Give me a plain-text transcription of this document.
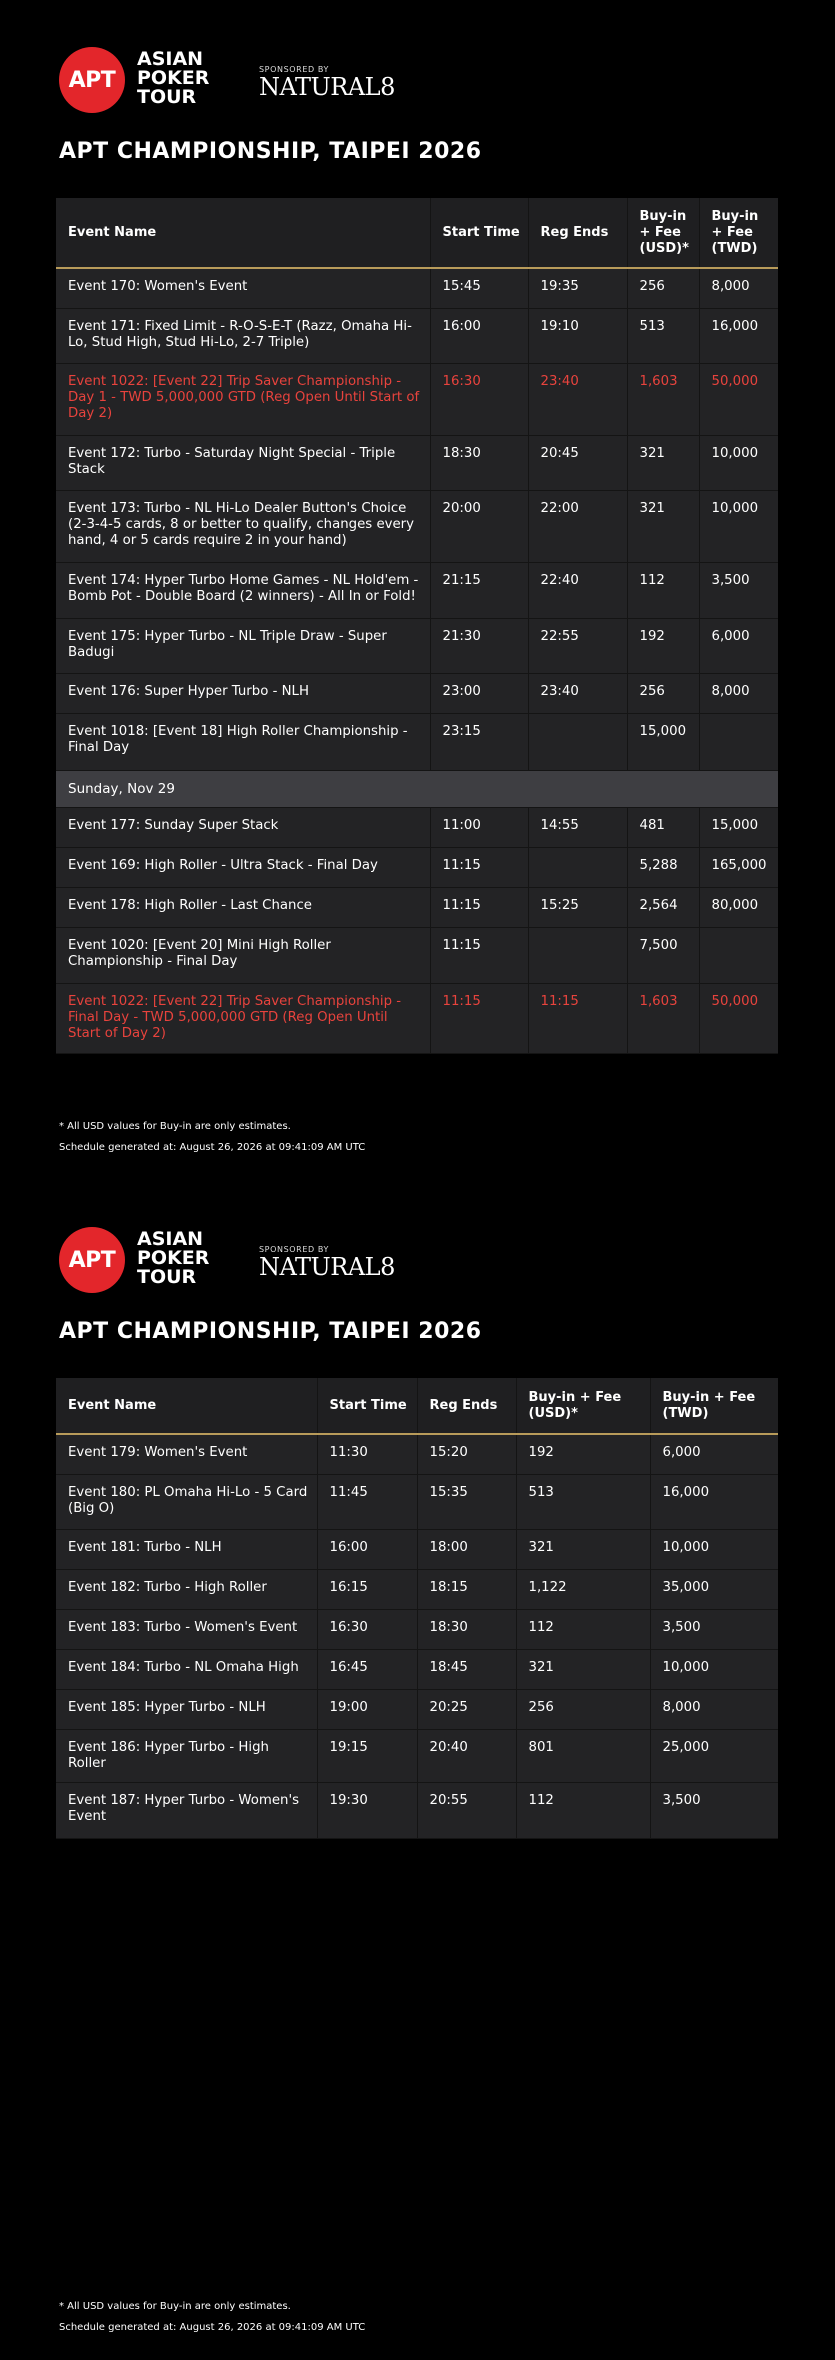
APT
ASIAN
POKER
TOUR
SPONSORED BY
NATURAL8
APT CHAMPIONSHIP, TAIPEI 2026
Event Name	Start Time	Reg Ends	Buy-in + Fee (USD)*	Buy-in + Fee (TWD)
Event 170: Women's Event	15:45	19:35	256	8,000
Event 171: Fixed Limit - R-O-S-E-T (Razz, Omaha Hi-Lo, Stud High, Stud Hi-Lo, 2-7 Triple)	16:00	19:10	513	16,000
Event 1022: [Event 22] Trip Saver Championship - Day 1 - TWD 5,000,000 GTD (Reg Open Until Start of Day 2)	16:30	23:40	1,603	50,000
Event 172: Turbo - Saturday Night Special - Triple Stack	18:30	20:45	321	10,000
Event 173: Turbo - NL Hi-Lo Dealer Button's Choice (2-3-4-5 cards, 8 or better to qualify, changes every hand, 4 or 5 cards require 2 in your hand)	20:00	22:00	321	10,000
Event 174: Hyper Turbo Home Games - NL Hold'em - Bomb Pot - Double Board (2 winners) - All In or Fold!	21:15	22:40	112	3,500
Event 175: Hyper Turbo - NL Triple Draw - Super Badugi	21:30	22:55	192	6,000
Event 176: Super Hyper Turbo - NLH	23:00	23:40	256	8,000
Event 1018: [Event 18] High Roller Championship - Final Day	23:15		15,000	
Sunday, Nov 29				
Event 177: Sunday Super Stack	11:00	14:55	481	15,000
Event 169: High Roller - Ultra Stack - Final Day	11:15		5,288	165,000
Event 178: High Roller - Last Chance	11:15	15:25	2,564	80,000
Event 1020: [Event 20] Mini High Roller Championship - Final Day	11:15		7,500	
Event 1022: [Event 22] Trip Saver Championship - Final Day - TWD 5,000,000 GTD (Reg Open Until Start of Day 2)	11:15	11:15	1,603	50,000
* All USD values for Buy-in are only estimates.
Schedule generated at: August 26, 2026 at 09:41:09 AM UTC
APT
ASIAN
POKER
TOUR
SPONSORED BY
NATURAL8
APT CHAMPIONSHIP, TAIPEI 2026
Event Name	Start Time	Reg Ends	Buy-in + Fee (USD)*	Buy-in + Fee (TWD)
Event 179: Women's Event	11:30	15:20	192	6,000
Event 180: PL Omaha Hi-Lo - 5 Card (Big O)	11:45	15:35	513	16,000
Event 181: Turbo - NLH	16:00	18:00	321	10,000
Event 182: Turbo - High Roller	16:15	18:15	1,122	35,000
Event 183: Turbo - Women's Event	16:30	18:30	112	3,500
Event 184: Turbo - NL Omaha High	16:45	18:45	321	10,000
Event 185: Hyper Turbo - NLH	19:00	20:25	256	8,000
Event 186: Hyper Turbo - High Roller	19:15	20:40	801	25,000
Event 187: Hyper Turbo - Women's Event	19:30	20:55	112	3,500
* All USD values for Buy-in are only estimates.
Schedule generated at: August 26, 2026 at 09:41:09 AM UTC
